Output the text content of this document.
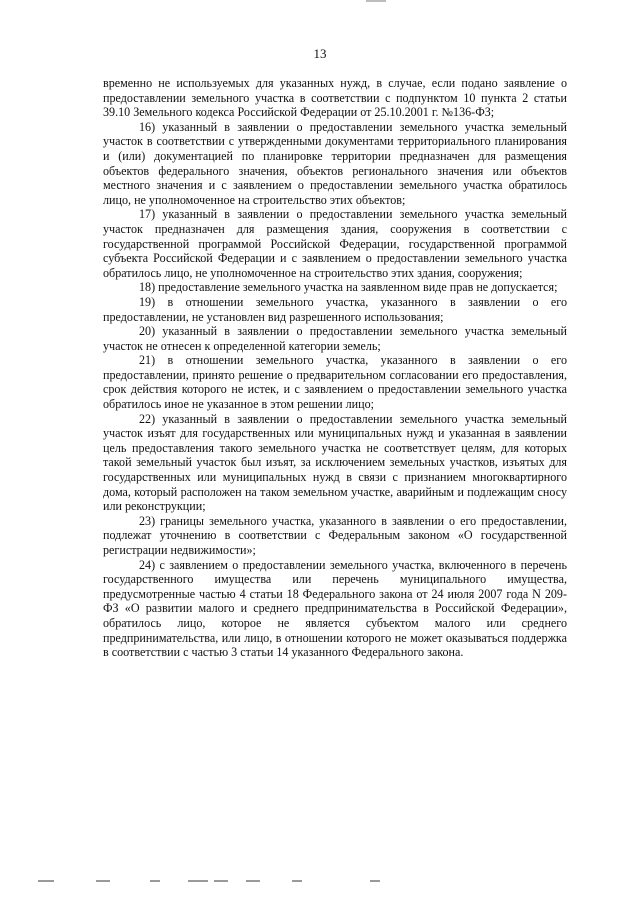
13

временно не используемых для указанных нужд, в случае, если подано заявление о предоставлении земельного участка в соответствии с подпунктом 10 пункта 2 статьи 39.10 Земельного кодекса Российской Федерации от 25.10.2001 г. №136-ФЗ;

16) указанный в заявлении о предоставлении земельного участка земельный участок в соответствии с утвержденными документами территориального планирования и (или) документацией по планировке территории предназначен для размещения объектов федерального значения, объектов регионального значения или объектов местного значения и с заявлением о предоставлении земельного участка обратилось лицо, не уполномоченное на строительство этих объектов;

17) указанный в заявлении о предоставлении земельного участка земельный участок предназначен для размещения здания, сооружения в соответствии с государственной программой Российской Федерации, государственной программой субъекта Российской Федерации и с заявлением о предоставлении земельного участка обратилось лицо, не уполномоченное на строительство этих здания, сооружения;

18) предоставление земельного участка на заявленном виде прав не допускается;

19) в отношении земельного участка, указанного в заявлении о его предоставлении, не установлен вид разрешенного использования;

20) указанный в заявлении о предоставлении земельного участка земельный участок не отнесен к определенной категории земель;

21) в отношении земельного участка, указанного в заявлении о его предоставлении, принято решение о предварительном согласовании его предоставления, срок действия которого не истек, и с заявлением о предоставлении земельного участка обратилось иное не указанное в этом решении лицо;

22) указанный в заявлении о предоставлении земельного участка земельный участок изъят для государственных или муниципальных нужд и указанная в заявлении цель предоставления такого земельного участка не соответствует целям, для которых такой земельный участок был изъят, за исключением земельных участков, изъятых для государственных или муниципальных нужд в связи с признанием многоквартирного дома, который расположен на таком земельном участке, аварийным и подлежащим сносу или реконструкции;

23) границы земельного участка, указанного в заявлении о его предоставлении, подлежат уточнению в соответствии с Федеральным законом «О государственной регистрации недвижимости»;

24) с заявлением о предоставлении земельного участка, включенного в перечень государственного имущества или перечень муниципального имущества, предусмотренные частью 4 статьи 18 Федерального закона от 24 июля 2007 года N 209-ФЗ «О развитии малого и среднего предпринимательства в Российской Федерации», обратилось лицо, которое не является субъектом малого или среднего предпринимательства, или лицо, в отношении которого не может оказываться поддержка в соответствии с частью 3 статьи 14 указанного Федерального закона.
